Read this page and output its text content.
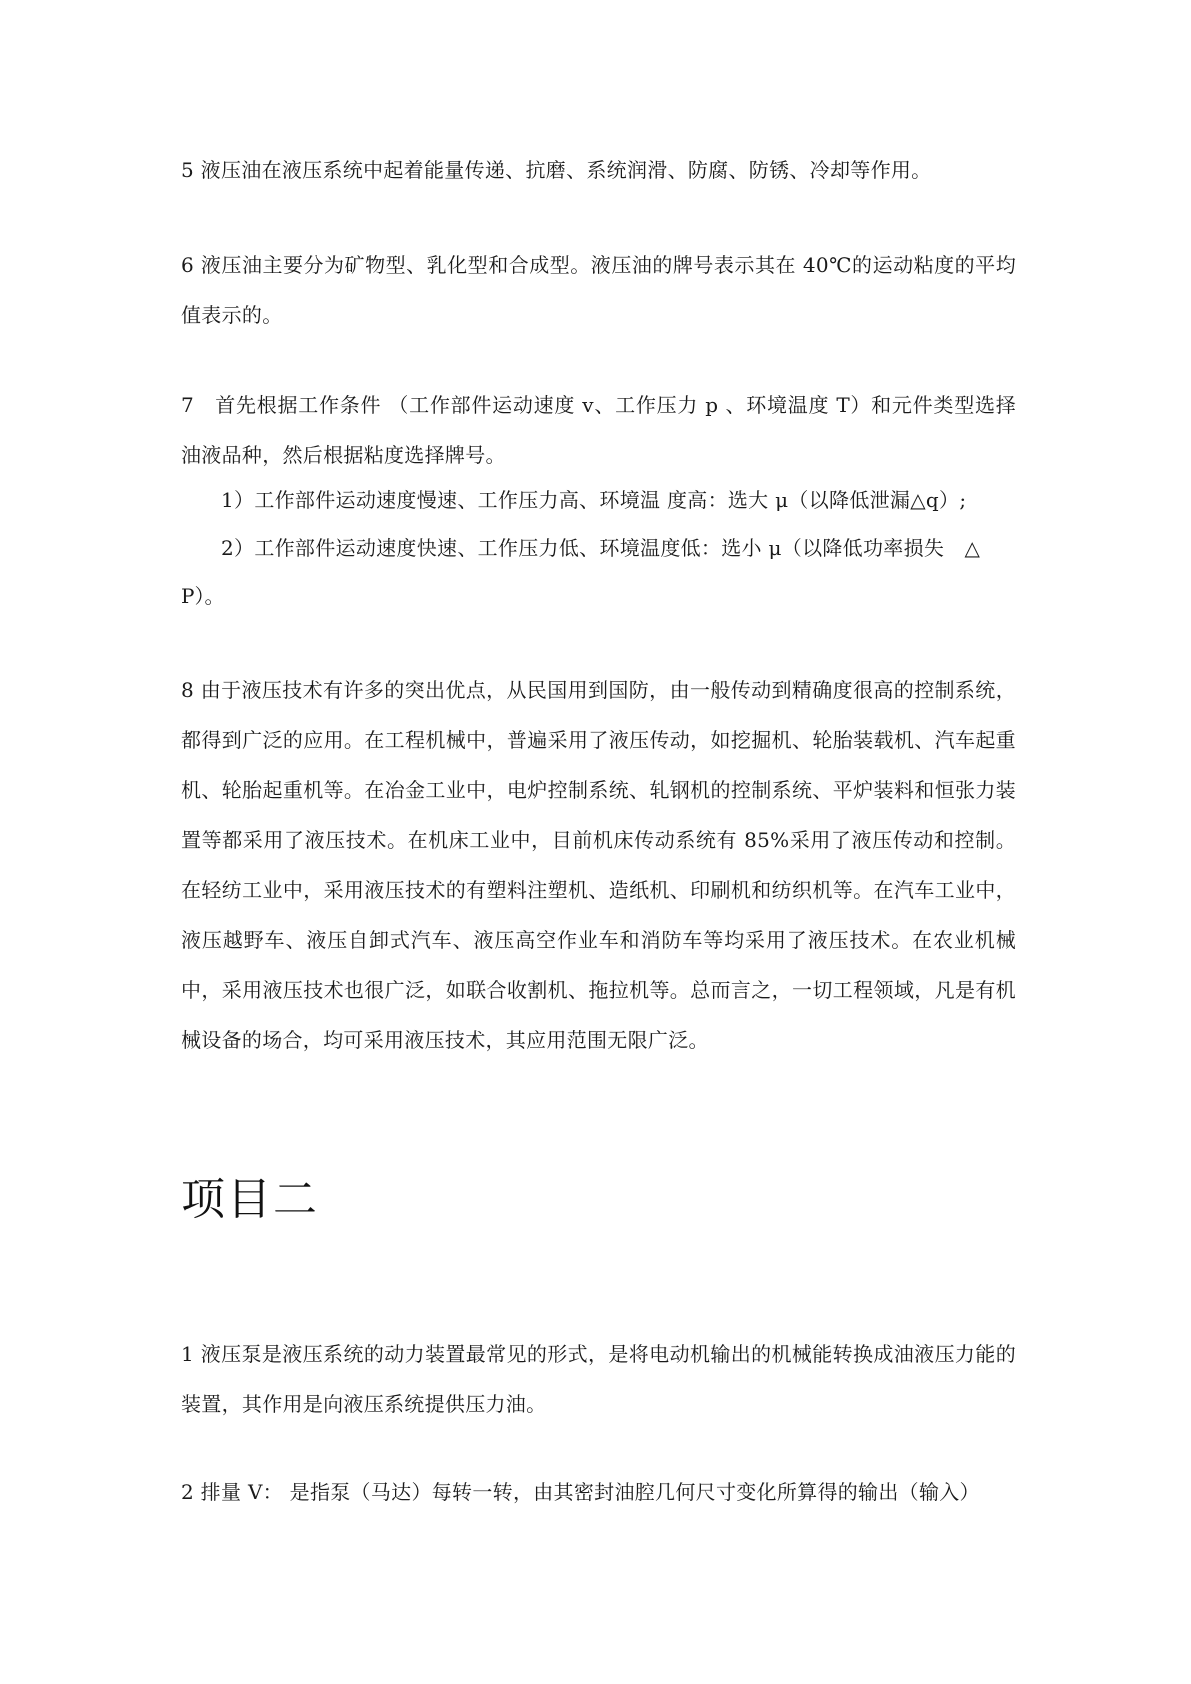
5 液压油在液压系统中起着能量传递、抗磨、系统润滑、防腐、防锈、冷却等作用。

6 液压油主要分为矿物型、乳化型和合成型。液压油的牌号表示其在 40℃的运动粘度的平均值表示的。

7　首先根据工作条件 （工作部件运动速度 v、工作压力 p 、环境温度 T）和元件类型选择油液品种，然后根据粘度选择牌号。

1）工作部件运动速度慢速、工作压力高、环境温 度高：选大 μ（以降低泄漏△q）;

2）工作部件运动速度快速、工作压力低、环境温度低：选小 μ（以降低功率损失　△

P）。

8 由于液压技术有许多的突出优点，从民国用到国防，由一般传动到精确度很高的控制系统，都得到广泛的应用。在工程机械中，普遍采用了液压传动，如挖掘机、轮胎装载机、汽车起重机、轮胎起重机等。在冶金工业中，电炉控制系统、轧钢机的控制系统、平炉装料和恒张力装置等都采用了液压技术。在机床工业中，目前机床传动系统有 85%采用了液压传动和控制。在轻纺工业中，采用液压技术的有塑料注塑机、造纸机、印刷机和纺织机等。在汽车工业中，液压越野车、液压自卸式汽车、液压高空作业车和消防车等均采用了液压技术。在农业机械中，采用液压技术也很广泛，如联合收割机、拖拉机等。总而言之，一切工程领域，凡是有机械设备的场合，均可采用液压技术，其应用范围无限广泛。

项目二

1 液压泵是液压系统的动力装置最常见的形式，是将电动机输出的机械能转换成油液压力能的装置，其作用是向液压系统提供压力油。

2 排量 V： 是指泵（马达）每转一转，由其密封油腔几何尺寸变化所算得的输出（输入）
